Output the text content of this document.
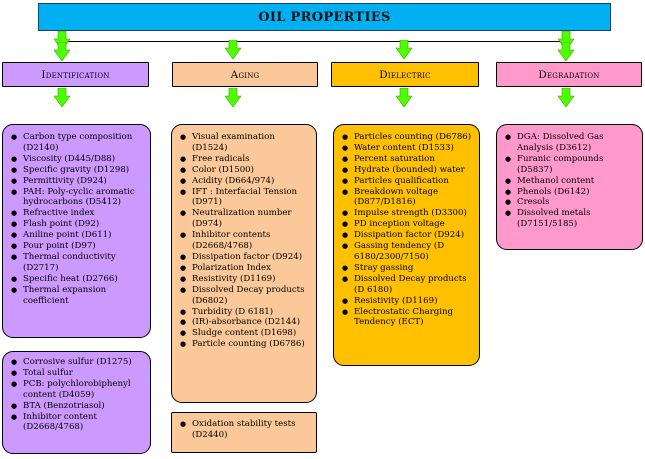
OIL PROPERTIES
Identification	Aging	Dielectric	Degradation
● Carbon type composition (D2140)
● Viscosity (D445/D88)
● Specific gravity (D1298)
● Permittivity (D924)
● PAH: Poly-cyclic aromatic hydrocarbons (D5412)
● Refractive index
● Flash point (D92)
● Aniline point (D611)
● Pour point (D97)
● Thermal conductivity (D2717)
● Specific heat (D2766)
● Thermal expansion coefficient
● Corrosive sulfur (D1275)
● Total sulfur
● PCB: polychlorobiphenyl content (D4059)
● BTA (Benzotriasol)
● Inhibitor content (D2668/4768)
● Visual examination (D1524)
● Free radicals
● Color (D1500)
● Acidity (D664/974)
● IFT : Interfacial Tension (D971)
● Neutralization number (D974)
● Inhibitor contents (D2668/4768)
● Dissipation factor (D924)
● Polarization Index
● Resistivity (D1169)
● Dissolved Decay products (D6802)
● Turbidity (D 6181)
● (IR)-absorbance (D2144)
● Sludge content (D1698)
● Particle counting (D6786)
● Oxidation stability tests (D2440)
● Particles counting (D6786)
● Water content (D1533)
● Percent saturation
● Hydrate (bounded) water
● Particles qualification
● Breakdown voltage (D877/D1816)
● Impulse strength (D3300)
● PD inception voltage
● Dissipation factor (D924)
● Gassing tendency (D 6180/2300/7150)
● Stray gassing
● Dissolved Decay products (D 6180)
● Resistivity (D1169)
● Electrostatic Charging Tendency (ECT)
● DGA: Dissolved Gas Analysis (D3612)
● Furanic compounds (D5837)
● Methanol content
● Phenols (D6142)
● Cresols
● Dissolved metals (D7151/5185)
